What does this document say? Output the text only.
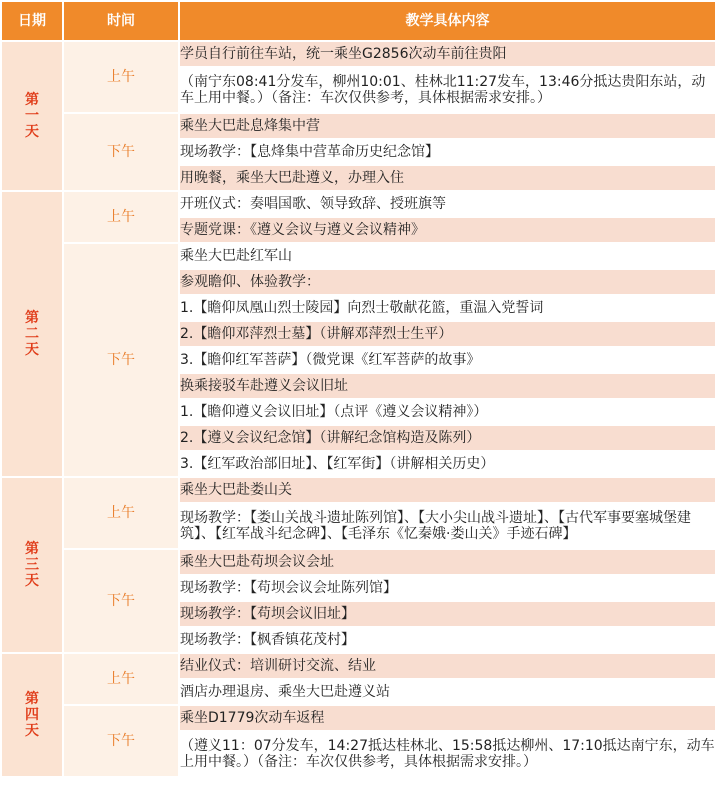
日期	时间	教学具体内容
第一天	上午	学员自行前往车站，统一乘坐G2856次动车前往贵阳
		（南宁东08:41分发车，柳州10:01、桂林北11:27发车，13:46分抵达贵阳东站，动车上用中餐。）（备注：车次仅供参考，具体根据需求安排。）
	下午	乘坐大巴赴息烽集中营
		现场教学：【息烽集中营革命历史纪念馆】
		用晚餐，乘坐大巴赴遵义，办理入住
第二天	上午	开班仪式：奏唱国歌、领导致辞、授班旗等
		专题党课：《遵义会议与遵义会议精神》
	下午	乘坐大巴赴红军山
		参观瞻仰、体验教学：
		1.【瞻仰凤凰山烈士陵园】向烈士敬献花篮，重温入党誓词
		2.【瞻仰邓萍烈士墓】（讲解邓萍烈士生平）
		3.【瞻仰红军菩萨】（微党课《红军菩萨的故事》
		换乘接驳车赴遵义会议旧址
		1.【瞻仰遵义会议旧址】（点评《遵义会议精神》）
		2.【遵义会议纪念馆】（讲解纪念馆构造及陈列）
		3.【红军政治部旧址】、【红军街】（讲解相关历史）
第三天	上午	乘坐大巴赴娄山关
		现场教学：【娄山关战斗遗址陈列馆】、【大小尖山战斗遗址】、【古代军事要塞城堡建筑】、【红军战斗纪念碑】、【毛泽东《忆秦娥·娄山关》手迹石碑】
	下午	乘坐大巴赴苟坝会议会址
		现场教学：【苟坝会议会址陈列馆】
		现场教学：【苟坝会议旧址】
		现场教学：【枫香镇花茂村】
第四天	上午	结业仪式：培训研讨交流、结业
		酒店办理退房、乘坐大巴赴遵义站
	下午	乘坐D1779次动车返程
		（遵义11：07分发车，14:27抵达桂林北、15:58抵达柳州、17:10抵达南宁东，动车上用中餐。）（备注：车次仅供参考，具体根据需求安排。）
